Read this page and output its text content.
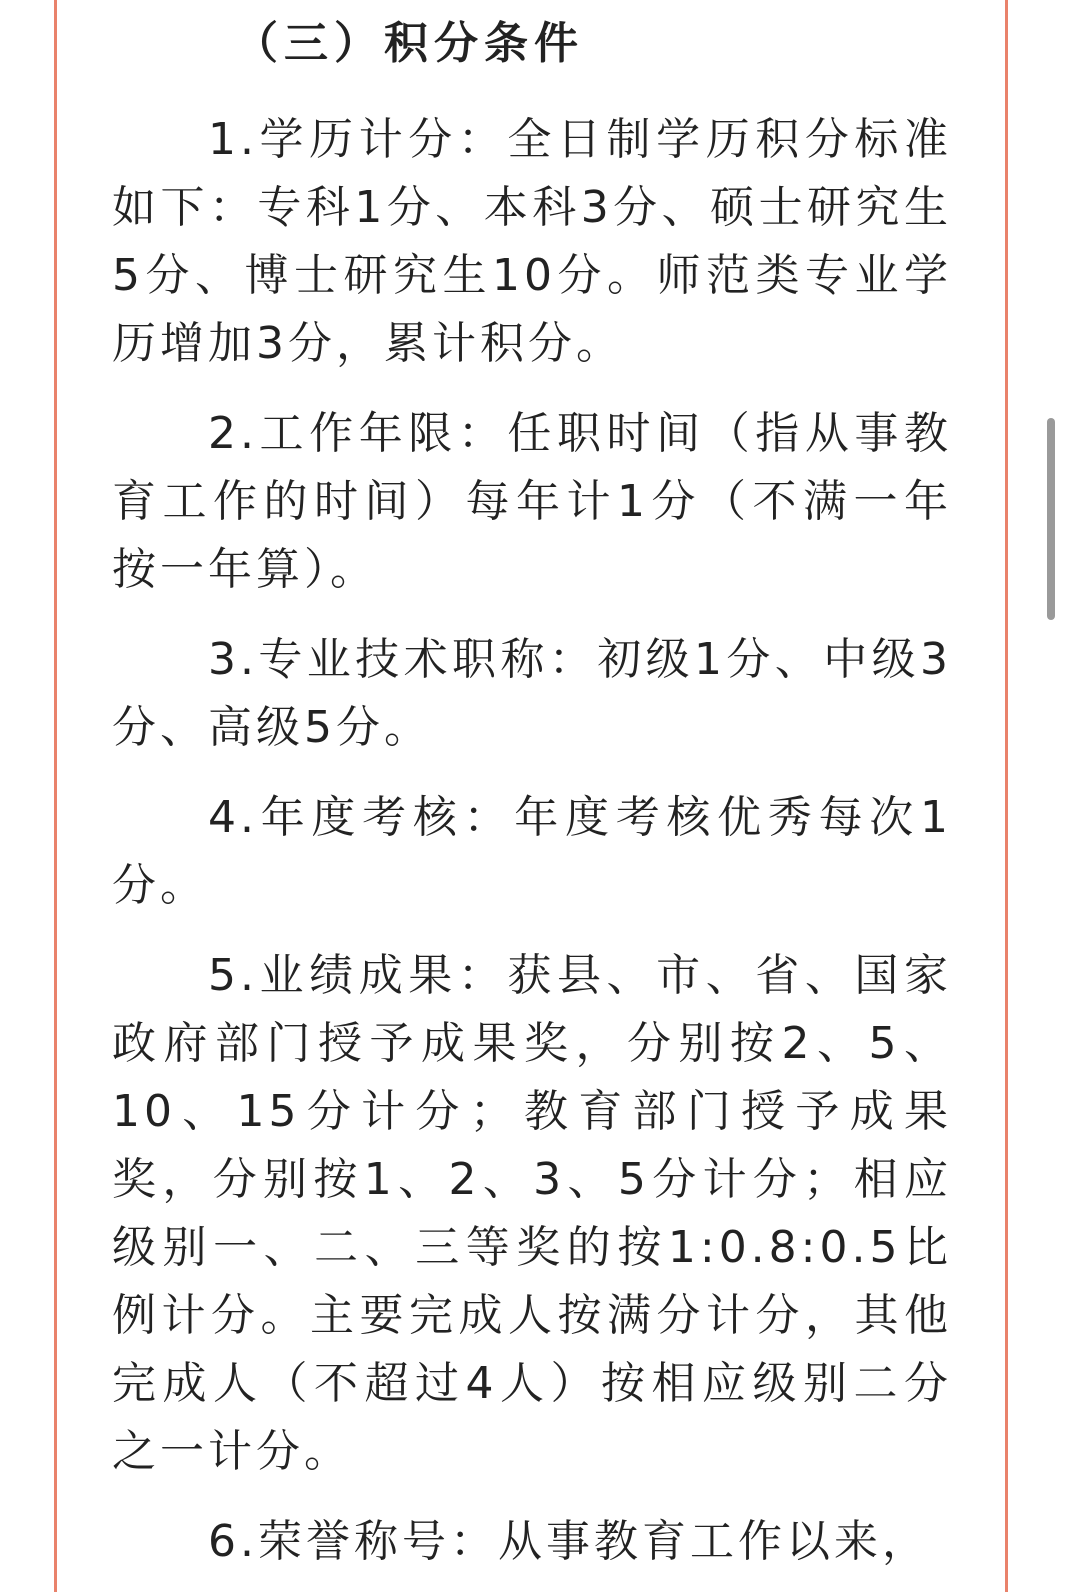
（三）积分条件

1.学历计分：全日制学历积分标准如下：专科1分、本科3分、硕士研究生5分、博士研究生10分。师范类专业学历增加3分，累计积分。

2.工作年限：任职时间（指从事教育工作的时间）每年计1分（不满一年按一年算）。

3.专业技术职称：初级1分、中级3分、高级5分。

4.年度考核：年度考核优秀每次1分。

5.业绩成果：获县、市、省、国家政府部门授予成果奖，分别按2、5、10、15分计分；教育部门授予成果奖，分别按1、2、3、5分计分；相应级别一、二、三等奖的按1:0.8:0.5比例计分。主要完成人按满分计分，其他完成人（不超过4人）按相应级别二分之一计分。

6.荣誉称号：从事教育工作以来，
